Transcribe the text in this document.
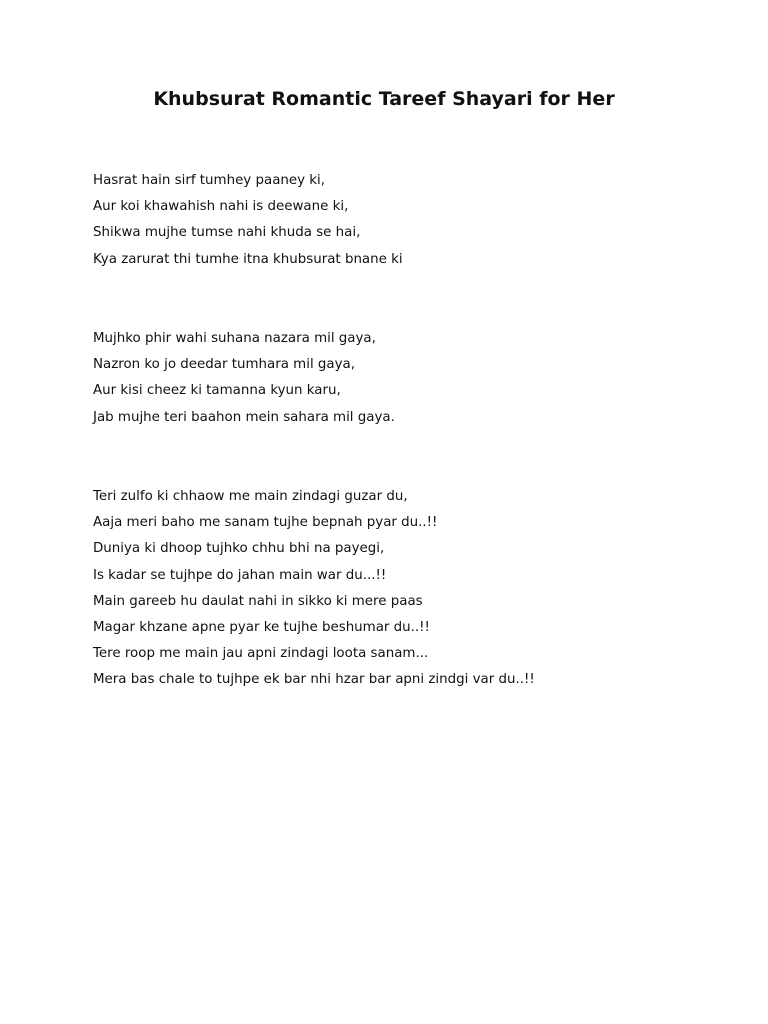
Khubsurat Romantic Tareef Shayari for Her
Hasrat hain sirf tumhey paaney ki,
Aur koi khawahish nahi is deewane ki,
Shikwa mujhe tumse nahi khuda se hai,
Kya zarurat thi tumhe itna khubsurat bnane ki
Mujhko phir wahi suhana nazara mil gaya,
Nazron ko jo deedar tumhara mil gaya,
Aur kisi cheez ki tamanna kyun karu,
Jab mujhe teri baahon mein sahara mil gaya.
Teri zulfo ki chhaow me main zindagi guzar du,
Aaja meri baho me sanam tujhe bepnah pyar du..!!
Duniya ki dhoop tujhko chhu bhi na payegi,
Is kadar se tujhpe do jahan main war du...!!
Main gareeb hu daulat nahi in sikko ki mere paas
Magar khzane apne pyar ke tujhe beshumar du..!!
Tere roop me main jau apni zindagi loota sanam...
Mera bas chale to tujhpe ek bar nhi hzar bar apni zindgi var du..!!
